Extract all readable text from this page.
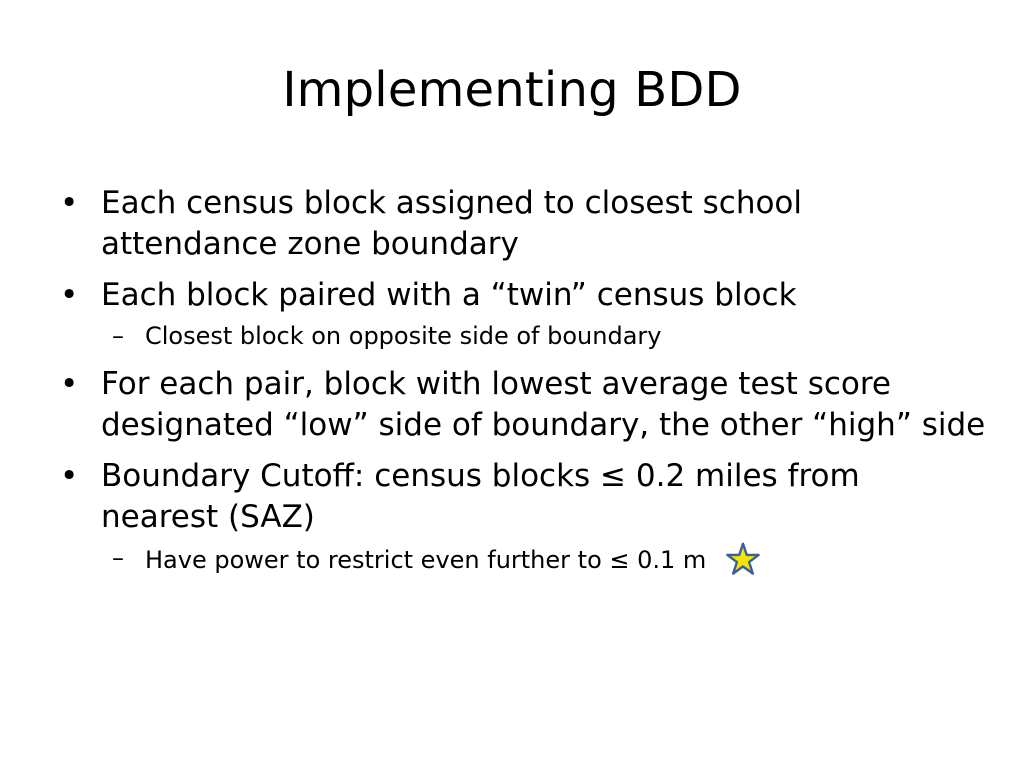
Implementing BDD
• Each census block assigned to closest school attendance zone boundary
• Each block paired with a “twin” census block
– Closest block on opposite side of boundary
• For each pair, block with lowest average test score designated “low” side of boundary, the other “high” side
• Boundary Cutoff: census blocks ≤ 0.2 miles from nearest (SAZ)
– Have power to restrict even further to ≤ 0.1 m
